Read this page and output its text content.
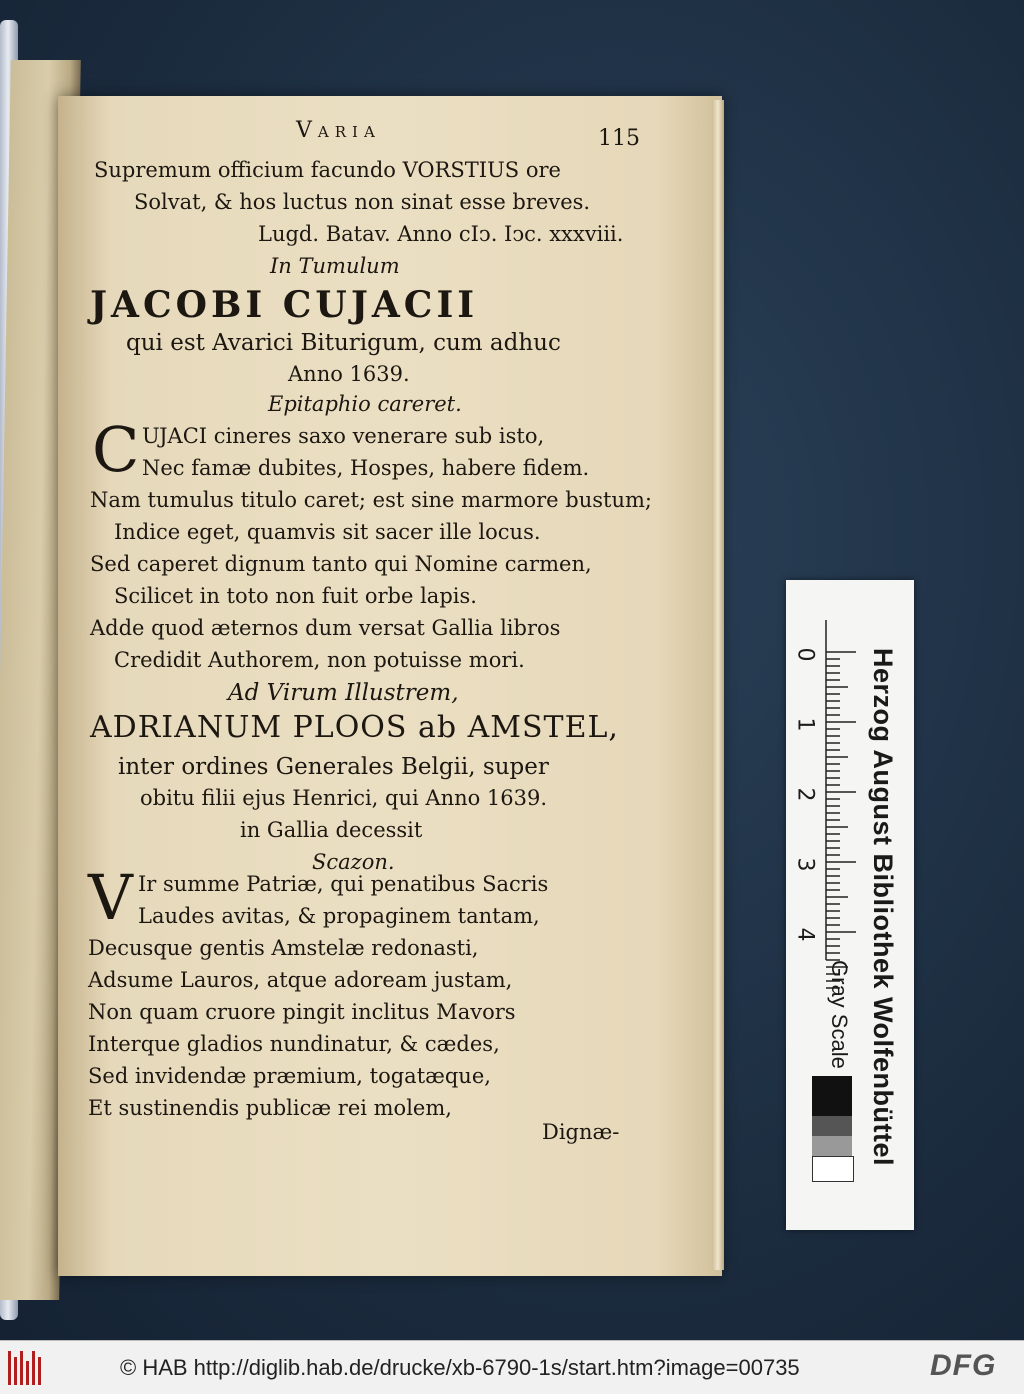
Varia	115
Supremum officium facundo VORSTIUS ore
Solvat, & hos luctus non sinat esse breves.
Lugd. Batav. Anno cIↄ. Iↄc. xxxviii.
In Tumulum
JACOBI CUJACII
qui est Avarici Biturigum, cum adhuc
Anno 1639.
Epitaphio careret.
C UJACI cineres saxo venerare sub isto,
Nec famæ dubites, Hospes, habere fidem.
Nam tumulus titulo caret; est sine marmore bustum;
Indice eget, quamvis sit sacer ille locus.
Sed caperet dignum tanto qui Nomine carmen,
Scilicet in toto non fuit orbe lapis.
Adde quod æternos dum versat Gallia libros
Credidit Authorem, non potuisse mori.
Ad Virum Illustrem,
ADRIANUM PLOOS ab AMSTEL,
inter ordines Generales Belgii, super
obitu filii ejus Henrici, qui Anno 1639.
in Gallia decessit
Scazon.
V Ir summe Patriæ, qui penatibus Sacris
Laudes avitas, & propaginem tantam,
Decusque gentis Amstelæ redonasti,
Adsume Lauros, atque adoream justam,
Non quam cruore pingit inclitus Mavors
Interque gladios nundinatur, & cædes,
Sed invidendæ præmium, togatæque,
Et sustinendis publicæ rei molem,
Dignæ-
0
1
2
3
4	Herzog August Bibliothek Wolfenbüttel
Gray Scale
© HAB http://diglib.hab.de/drucke/xb-6790-1s/start.htm?image=00735	DFG
